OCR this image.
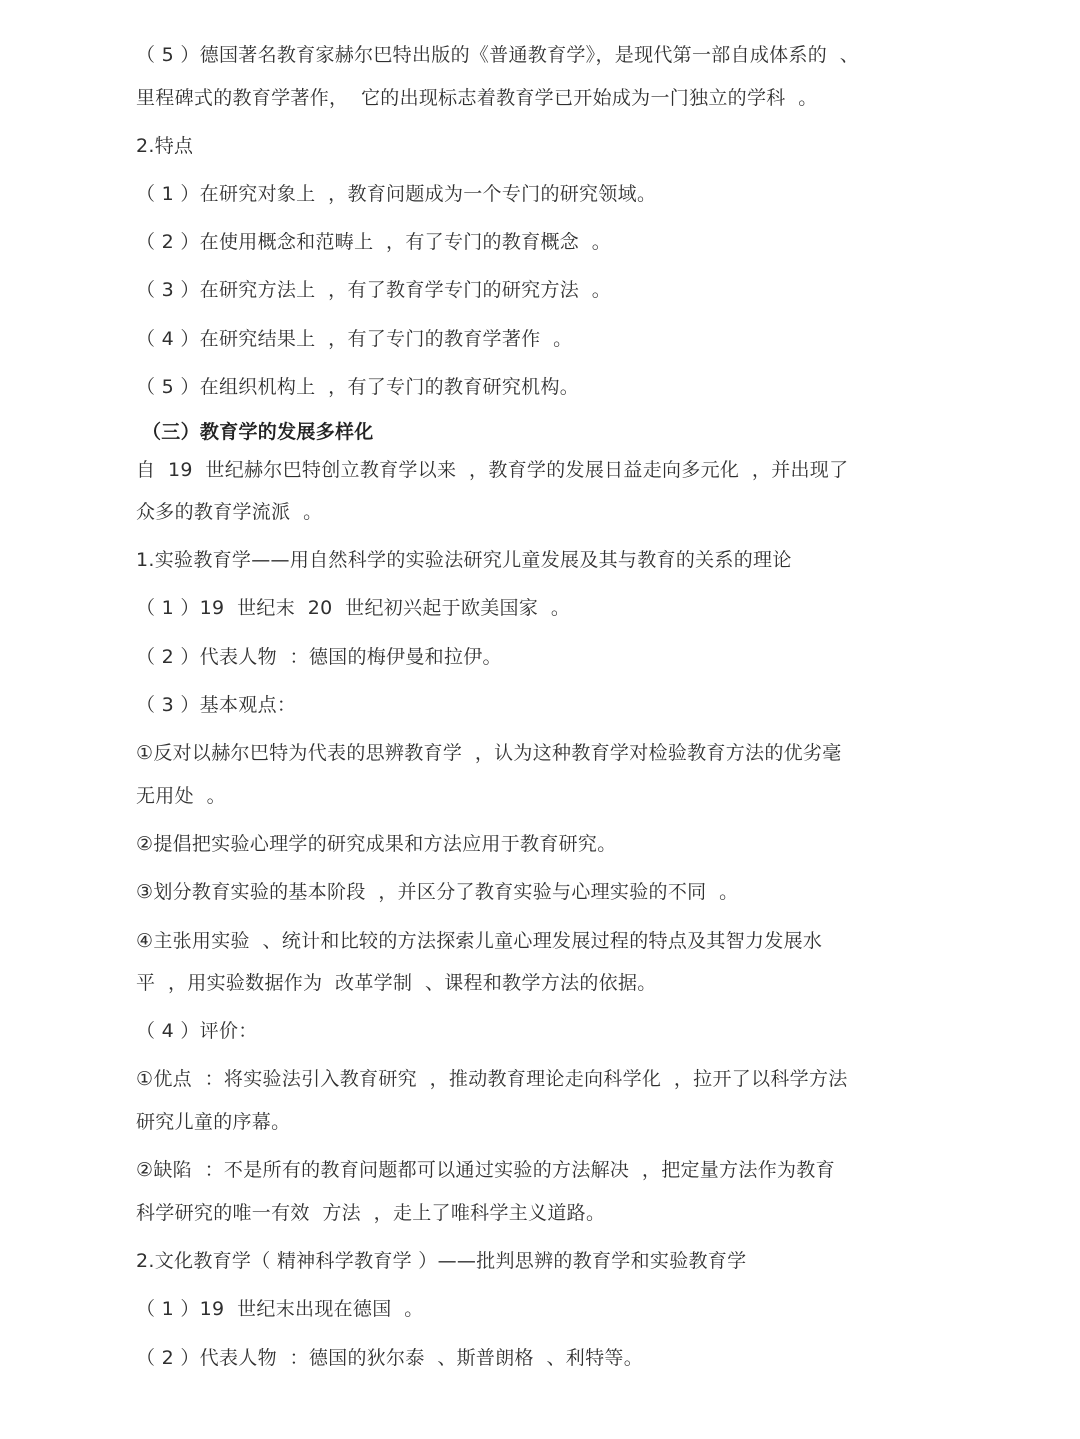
（ 5 ）德国著名教育家赫尔巴特出版的《普通教育学》，是现代第一部自成体系的  、
里程碑式的教育学著作，  它的出现标志着教育学已开始成为一门独立的学科  。
2.特点
（ 1 ）在研究对象上  ，教育问题成为一个专门的研究领域。
（ 2 ）在使用概念和范畴上  ，有了专门的教育概念  。
（ 3 ）在研究方法上  ，有了教育学专门的研究方法  。
（ 4 ）在研究结果上  ，有了专门的教育学著作  。
（ 5 ）在组织机构上  ，有了专门的教育研究机构。
（三）教育学的发展多样化
自  19  世纪赫尔巴特创立教育学以来  ，教育学的发展日益走向多元化  ，并出现了
众多的教育学流派  。
1.实验教育学——用自然科学的实验法研究儿童发展及其与教育的关系的理论
（ 1 ）19  世纪末  20  世纪初兴起于欧美国家  。
（ 2 ）代表人物  ：德国的梅伊曼和拉伊。
（ 3 ）基本观点：
①反对以赫尔巴特为代表的思辨教育学  ，认为这种教育学对检验教育方法的优劣毫
无用处  。
②提倡把实验心理学的研究成果和方法应用于教育研究。
③划分教育实验的基本阶段  ，并区分了教育实验与心理实验的不同  。
④主张用实验  、统计和比较的方法探索儿童心理发展过程的特点及其智力发展水
平  ，用实验数据作为  改革学制  、课程和教学方法的依据。
（ 4 ）评价：
①优点  ：将实验法引入教育研究  ，推动教育理论走向科学化  ，拉开了以科学方法
研究儿童的序幕。
②缺陷  ：不是所有的教育问题都可以通过实验的方法解决  ，把定量方法作为教育
科学研究的唯一有效  方法  ，走上了唯科学主义道路。
2.文化教育学（ 精神科学教育学 ）——批判思辨的教育学和实验教育学
（ 1 ）19  世纪末出现在德国  。
（ 2 ）代表人物  ：德国的狄尔泰  、斯普朗格  、利特等。
